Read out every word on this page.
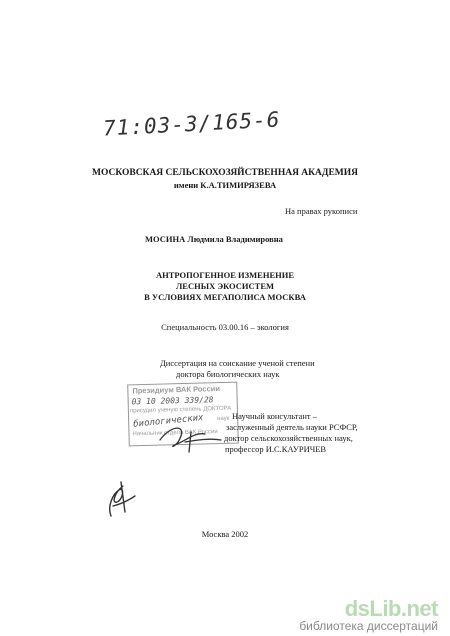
71:03-3/165-6
МОСКОВСКАЯ СЕЛЬСКОХОЗЯЙСТВЕННАЯ АКАДЕМИЯ
имени К.А.ТИМИРЯЗЕВА
На правах рукописи
МОСИНА Людмила Владимировна
АНТРОПОГЕННОЕ ИЗМЕНЕНИЕ
ЛЕСНЫХ ЭКОСИСТЕМ
В УСЛОВИЯХ МЕГАПОЛИСА МОСКВА
Специальность 03.00.16 – экология
Диссертация на соискание ученой степени
доктора биологических наук
Президиум ВАК России
03 10 2003 339/28
присудил ученую степень ДОКТОРА
биологических наук
Начальник отдела ВАК России
Научный консультант –
заслуженный деятель науки РСФСР,
доктор сельскохозяйственных наук,
профессор И.С.КАУРИЧЕВ
Москва 2002
dsLib.net
библиотека диссертаций
